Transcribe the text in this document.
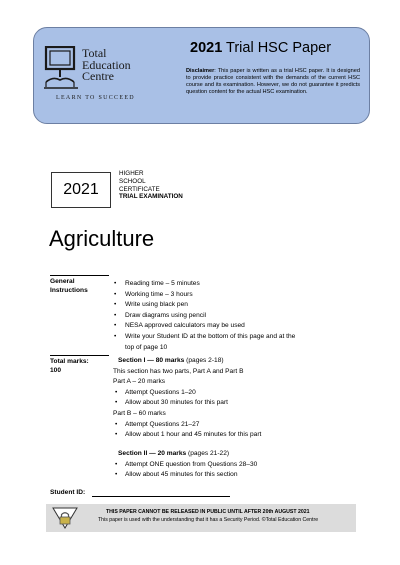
Total
Education
Centre
LEARN TO SUCCEED
2021 Trial HSC Paper
Disclaimer: This paper is written as a trial HSC paper. It is designed to provide practice consistent with the demands of the current HSC course and its examination. However, we do not guarantee it predicts question content for the actual HSC examination.
2021
HIGHER
SCHOOL
CERTIFICATE
TRIAL EXAMINATION
Agriculture
General
Instructions
• Reading time – 5 minutes
• Working time – 3 hours
• Write using black pen
• Draw diagrams using pencil
• NESA approved calculators may be used
• Write your Student ID at the bottom of this page and at the
top of page 10
Total marks:
100
Section I — 80 marks (pages 2-18)
This section has two parts, Part A and Part B
Part A – 20 marks
• Attempt Questions 1–20
• Allow about 30 minutes for this part
Part B – 60 marks
• Attempt Questions 21–27
• Allow about 1 hour and 45 minutes for this part
Section II — 20 marks (pages 21-22)
• Attempt ONE question from Questions 28–30
• Allow about 45 minutes for this section
Student ID:
THIS PAPER CANNOT BE RELEASED IN PUBLIC UNTIL AFTER 20th AUGUST 2021
This paper is used with the understanding that it has a Security Period. ©Total Education Centre
